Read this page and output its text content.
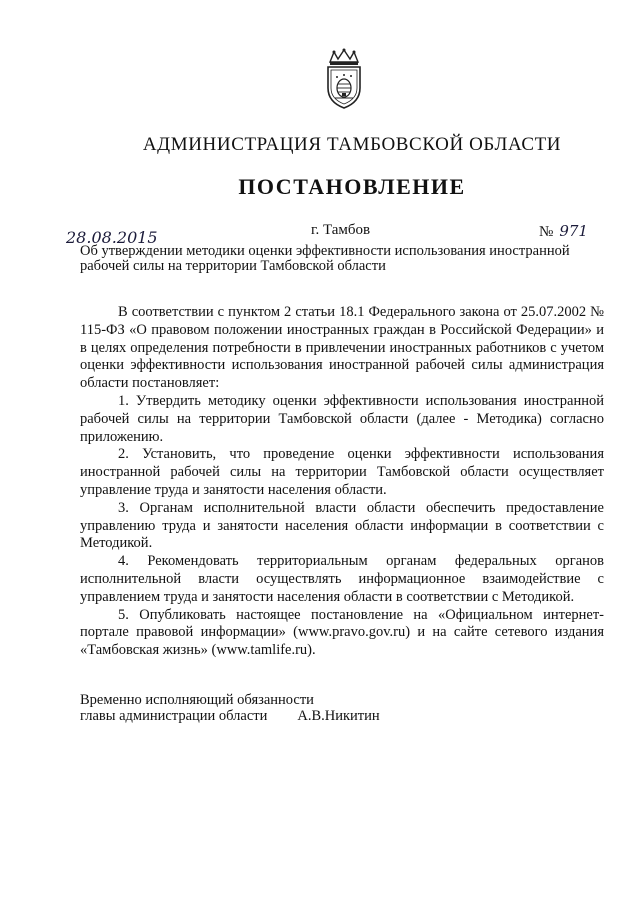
АДМИНИСТРАЦИЯ ТАМБОВСКОЙ ОБЛАСТИ
ПОСТАНОВЛЕНИЕ
28.08.2015	г. Тамбов	№ 971
Об утверждении методики оценки эффективности использования иностранной
рабочей силы на территории Тамбовской области

В соответствии с пунктом 2 статьи 18.1 Федерального закона от 25.07.2002 № 115-ФЗ «О правовом положении иностранных граждан в Российской Федерации» и в целях определения потребности в привлечении иностранных работников с учетом оценки эффективности использования иностранной рабочей силы администрация области постановляет:

1. Утвердить методику оценки эффективности использования иностранной рабочей силы на территории Тамбовской области (далее - Методика) согласно приложению.

2. Установить, что проведение оценки эффективности использования иностранной рабочей силы на территории Тамбовской области осуществляет управление труда и занятости населения области.

3. Органам исполнительной власти области обеспечить предоставление управлению труда и занятости населения области информации в соответствии с Методикой.

4. Рекомендовать территориальным органам федеральных органов исполнительной власти осуществлять информационное взаимодействие с управлением труда и занятости населения области в соответствии с Методикой.

5. Опубликовать настоящее постановление на «Официальном интернет-портале правовой информации» (www.pravo.gov.ru) и на сайте сетевого издания «Тамбовская жизнь» (www.tamlife.ru).

Временно исполняющий обязанности
главы администрации области А.В.Никитин
